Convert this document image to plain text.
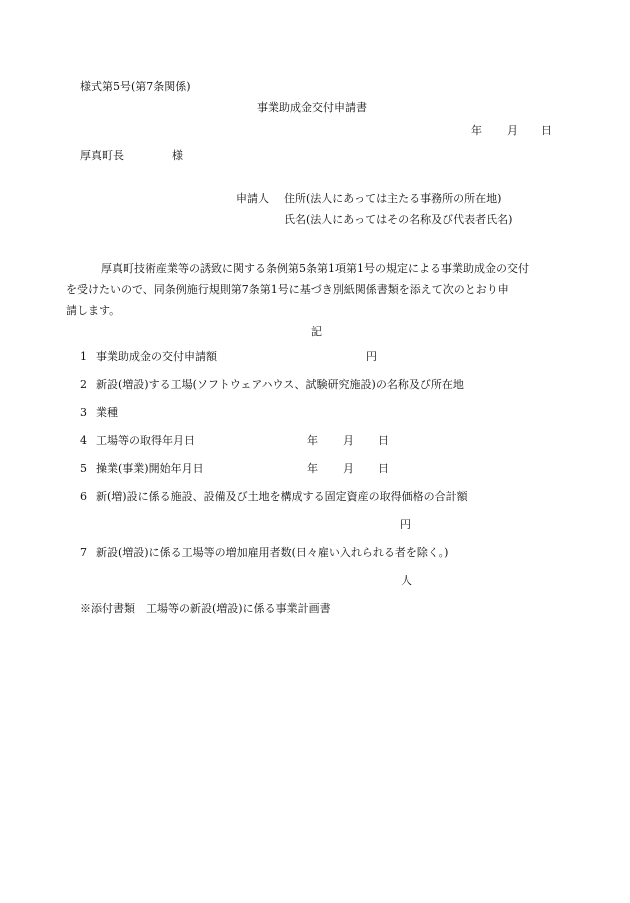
様式第5号(第7条関係)
事業助成金交付申請書
年 月 日
厚真町長	様
申請人 住所(法人にあっては主たる事務所の所在地)
氏名(法人にあってはその名称及び代表者氏名)
厚真町技術産業等の誘致に関する条例第5条第1項第1号の規定による事業助成金の交付
を受けたいので、同条例施行規則第7条第1号に基づき別紙関係書類を添えて次のとおり申
請します。
記
1 事業助成金の交付申請額	円
2 新設(増設)する工場(ソフトウェアハウス、試験研究施設)の名称及び所在地
3 業種
4 工場等の取得年月日	年 月 日
5 操業(事業)開始年月日	年 月 日
6 新(増)設に係る施設、設備及び土地を構成する固定資産の取得価格の合計額
円
7 新設(増設)に係る工場等の増加雇用者数(日々雇い入れられる者を除く。)
人
※添付書類　工場等の新設(増設)に係る事業計画書
